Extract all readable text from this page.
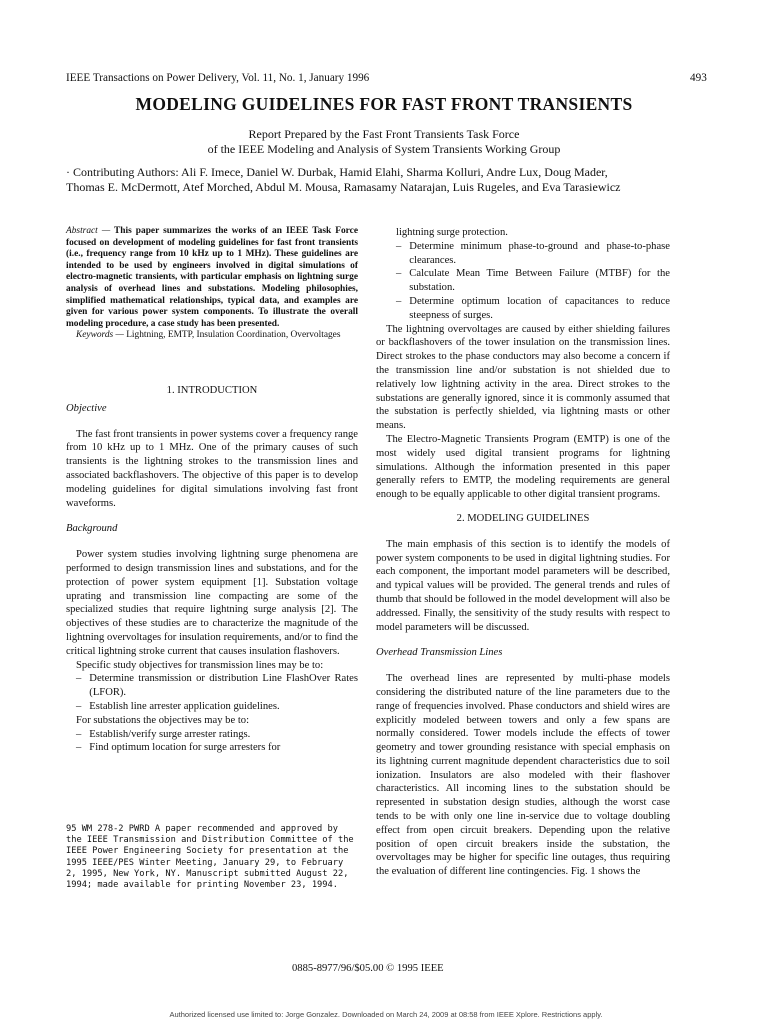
IEEE Transactions on Power Delivery, Vol. 11, No. 1, January 1996	493
MODELING GUIDELINES FOR FAST FRONT TRANSIENTS
Report Prepared by the Fast Front Transients Task Force
of the IEEE Modeling and Analysis of System Transients Working Group
· Contributing Authors: Ali F. Imece, Daniel W. Durbak, Hamid Elahi, Sharma Kolluri, Andre Lux, Doug Mader,
Thomas E. McDermott, Atef Morched, Abdul M. Mousa, Ramasamy Natarajan, Luis Rugeles, and Eva Tarasiewicz

Abstract — This paper summarizes the works of an IEEE Task Force focused on development of modeling guidelines for fast front transients (i.e., frequency range from 10 kHz up to 1 MHz). These guidelines are intended to be used by engineers involved in digital simulations of electro-magnetic transients, with particular emphasis on lightning surge analysis of overhead lines and substations. Modeling philosophies, simplified mathematical relationships, typical data, and examples are given for various power system components. To illustrate the overall modeling procedure, a case study has been presented.

Keywords — Lightning, EMTP, Insulation Coordination, Overvoltages

1. INTRODUCTION

Objective

The fast front transients in power systems cover a frequency range from 10 kHz up to 1 MHz. One of the primary causes of such transients is the lightning strokes to the transmission lines and associated backflashovers. The objective of this paper is to develop modeling guidelines for digital simulations involving fast front waveforms.

Background

Power system studies involving lightning surge phenomena are performed to design transmission lines and substations, and for the protection of power system equipment [1]. Substation voltage uprating and transmission line compacting are some of the specialized studies that require lightning surge analysis [2]. The objectives of these studies are to characterize the magnitude of the lightning overvoltages for insulation requirements, and/or to find the critical lightning stroke current that causes insulation flashovers.

Specific study objectives for transmission lines may be to:

– Determine transmission or distribution Line FlashOver Rates (LFOR).
– Establish line arrester application guidelines.

For substations the objectives may be to:

– Establish/verify surge arrester ratings.
– Find optimum location for surge arresters for
95 WM 278-2 PWRD A paper recommended and approved by the IEEE Transmission and Distribution Committee of the IEEE Power Engineering Society for presentation at the 1995 IEEE/PES Winter Meeting, January 29, to February 2, 1995, New York, NY. Manuscript submitted August 22, 1994; made available for printing November 23, 1994.

lightning surge protection.

– Determine minimum phase-to-ground and phase-to-phase clearances.
– Calculate Mean Time Between Failure (MTBF) for the substation.
– Determine optimum location of capacitances to reduce steepness of surges.

The lightning overvoltages are caused by either shielding failures or backflashovers of the tower insulation on the transmission lines. Direct strokes to the phase conductors may also become a concern if the transmission line and/or substation is not shielded due to relatively low lightning activity in the area. Direct strokes to the substations are generally ignored, since it is commonly assumed that the substation is perfectly shielded, via lightning masts or other means.

The Electro-Magnetic Transients Program (EMTP) is one of the most widely used digital transient programs for lightning simulations. Although the information presented in this paper generally refers to EMTP, the modeling requirements are general enough to be equally applicable to other digital transient programs.

2. MODELING GUIDELINES

The main emphasis of this section is to identify the models of power system components to be used in digital lightning studies. For each component, the important model parameters will be described, and typical values will be provided. The general trends and rules of thumb that should be followed in the model development will also be addressed. Finally, the sensitivity of the study results with respect to model parameters will be discussed.

Overhead Transmission Lines

The overhead lines are represented by multi-phase models considering the distributed nature of the line parameters due to the range of frequencies involved. Phase conductors and shield wires are explicitly modeled between towers and only a few spans are normally considered. Tower models include the effects of tower geometry and tower grounding resistance with special emphasis on its lightning current magnitude dependent characteristics due to soil ionization. Insulators are also modeled with their flashover characteristics. All incoming lines to the substation should be represented in substation design studies, although the worst case tends to be with only one line in-service due to voltage doubling effect from open circuit breakers. Depending upon the relative position of open circuit breakers inside the substation, the overvoltages may be higher for specific line outages, thus requiring the evaluation of different line contingencies. Fig. 1 shows the

0885-8977/96/$05.00 © 1995 IEEE
Authorized licensed use limited to: Jorge Gonzalez. Downloaded on March 24, 2009 at 08:58 from IEEE Xplore. Restrictions apply.
